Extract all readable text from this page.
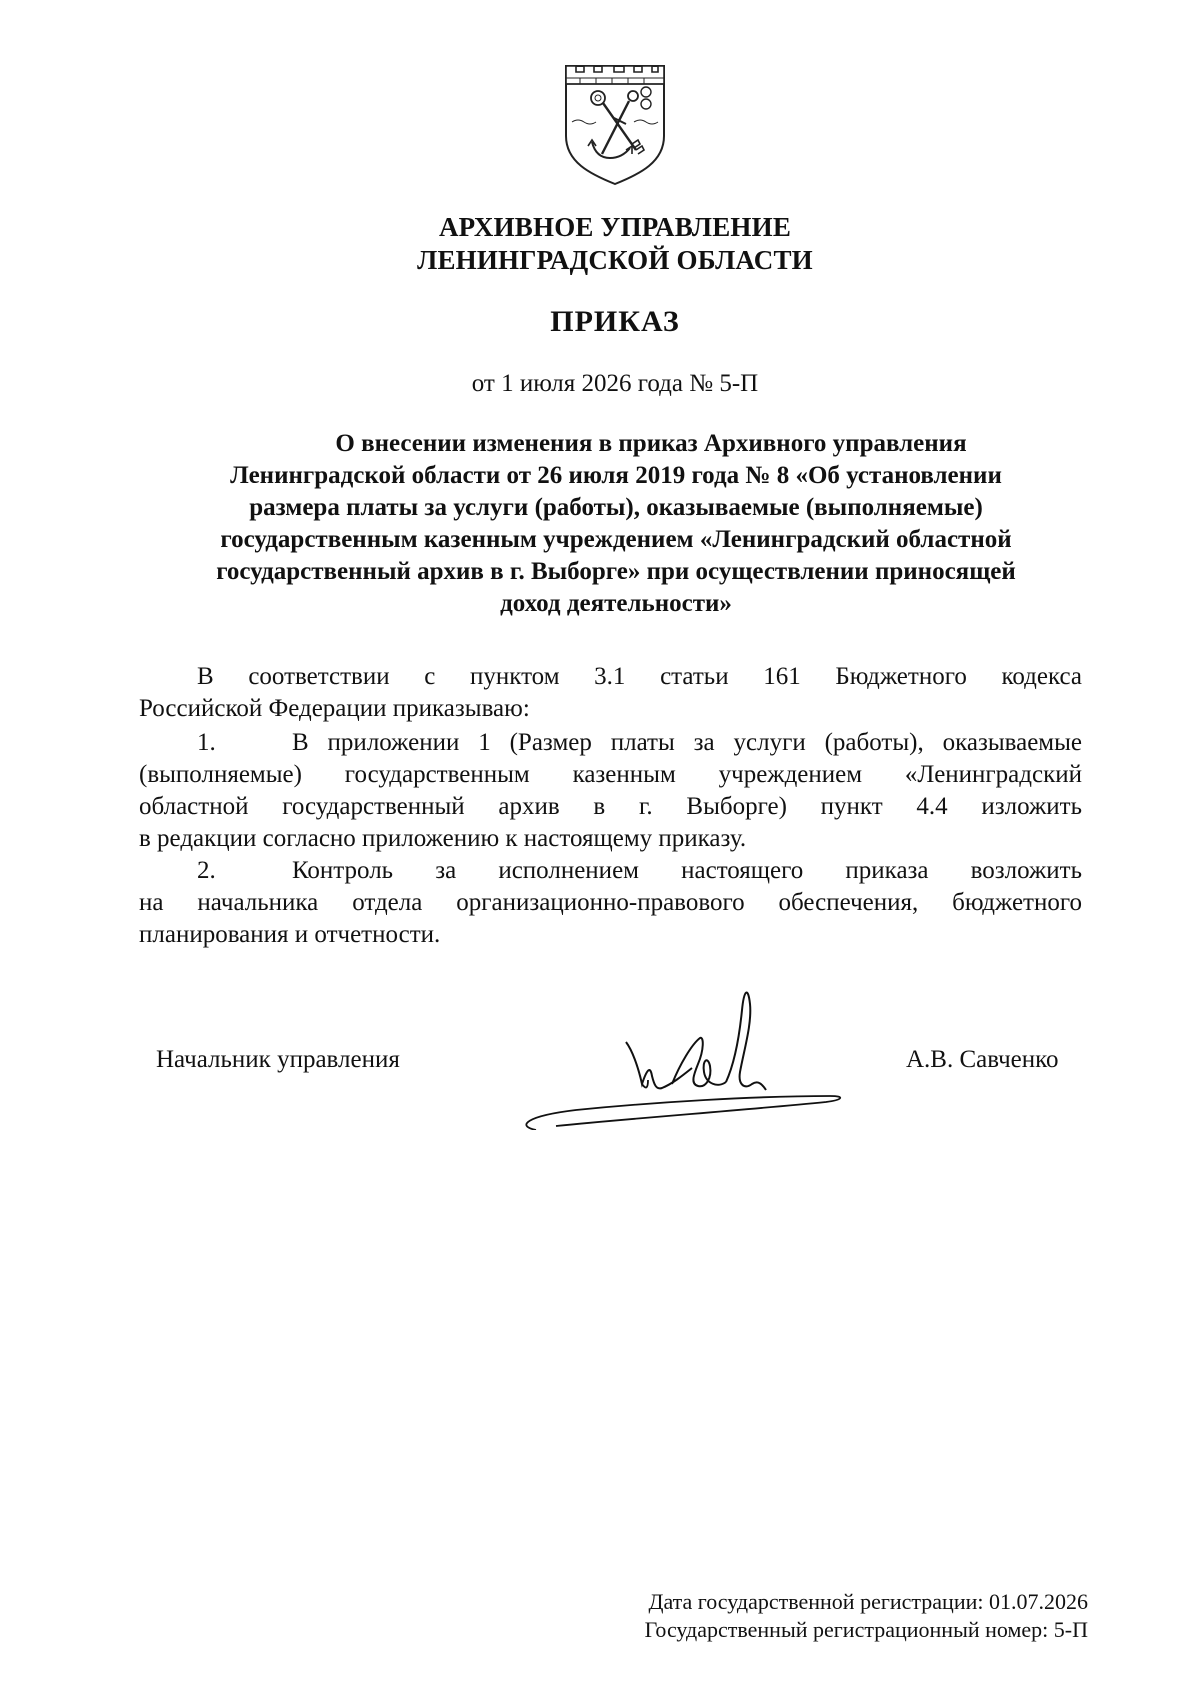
АРХИВНОЕ УПРАВЛЕНИЕ
ЛЕНИНГРАДСКОЙ ОБЛАСТИ
ПРИКАЗ
от 1 июля 2026 года № 5-П
О внесении изменения в приказ Архивного управления
Ленинградской области от 26 июля 2019 года № 8 «Об установлении
размера платы за услуги (работы), оказываемые (выполняемые)
государственным казенным учреждением «Ленинградский областной
государственный архив в г. Выборге» при осуществлении приносящей
доход деятельности»
В соответствии с пунктом 3.1 статьи 161 Бюджетного кодекса
Российской Федерации приказываю:
1.	В приложении 1 (Размер платы за услуги (работы), оказываемые
(выполняемые) государственным казенным учреждением «Ленинградский
областной государственный архив в г. Выборге) пункт 4.4 изложить
в редакции согласно приложению к настоящему приказу.
2.	Контроль за исполнением настоящего приказа возложить
на начальника отдела организационно-правового обеспечения, бюджетного
планирования и отчетности.
Начальник управления	А.В. Савченко
Дата государственной регистрации: 01.07.2026
Государственный регистрационный номер: 5-П
